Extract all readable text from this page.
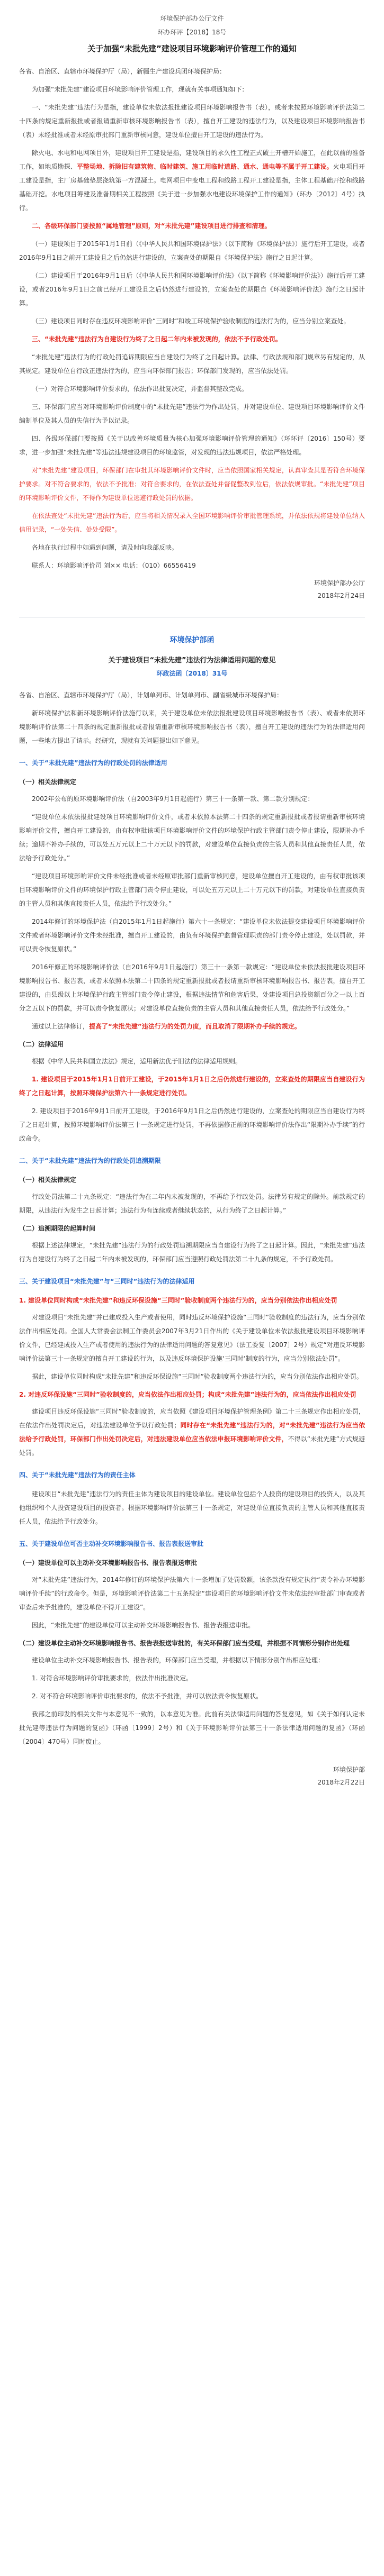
环境保护部办公厅文件

环办环评【2018】18号

关于加强“未批先建”建设项目环境影响评价管理工作的通知

各省、自治区、直辖市环境保护厅（局），新疆生产建设兵团环境保护局：

为加强“未批先建”建设项目环境影响评价管理工作，现就有关事项通知如下：

一、“未批先建”违法行为是指，建设单位未依法报批建设项目环境影响报告书（表），或者未按照环境影响评价法第二十四条的规定重新报批或者报请重新审核环境影响报告书（表），擅自开工建设的违法行为，以及建设项目环境影响报告书（表）未经批准或者未经原审批部门重新审核同意，建设单位擅自开工建设的违法行为。

除火电、水电和电网项目外，建设项目开工建设是指，建设项目的永久性工程正式破土开槽开始施工，在此以前的准备工作，如地质勘探、平整场地、拆除旧有建筑物、临时建筑、施工用临时道路、通水、通电等不属于开工建设。火电项目开工建设是指，主厂房基础垫层浇筑第一方混凝土。电网项目中变电工程和线路工程开工建设是指，主体工程基础开挖和线路基础开挖。水电项目筹建及准备期相关工程按照《关于进一步加强水电建设环境保护工作的通知》（环办〔2012〕4号）执行。

二、各级环保部门要按照“属地管理”原则，对“未批先建”建设项目进行排查和清理。

（一）建设项目于2015年1月1日前（《中华人民共和国环境保护法》（以下简称《环境保护法》）施行后开工建设，或者2016年9月1日之前开工建设且之后仍然进行建设的，立案查处的期限自《环境保护法》施行之日起计算。

（二）建设项目于2016年9月1日后（《中华人民共和国环境影响评价法》（以下简称《环境影响评价法》）施行后开工建设，或者2016年9月1日之前已经开工建设且之后仍然进行建设的，立案查处的期限自《环境影响评价法》施行之日起计算。

（三）建设项目同时存在违反环境影响评价“三同时”和竣工环境保护验收制度的违法行为的，应当分别立案查处。

三、“未批先建”违法行为自建设行为终了之日起二年内未被发现的，依法不予行政处罚。

“未批先建”违法行为的行政处罚追诉期限应当自建设行为终了之日起计算。法律、行政法规和部门规章另有规定的，从其规定。建设单位自行改正违法行为的，应当向环保部门报告；环保部门发现的，应当依法处罚。

（一）对符合环境影响评价要求的，依法作出批复决定，并监督其整改完成。

三、环保部门应当对环境影响评价制度中的“未批先建”违法行为作出处罚，并对建设单位、建设项目环境影响评价文件编制单位及其人员的失信行为予以记录。

四、各级环保部门要按照《关于以改善环境质量为核心加强环境影响评价管理的通知》（环环评〔2016〕150号）要求，进一步加强“未批先建”等违法违规建设项目的环境监管，对发现的违法违规项目，依法严格处理。

对“未批先建”建设项目，环保部门在审批其环境影响评价文件时，应当依照国家相关规定，认真审查其是否符合环境保护要求。对不符合要求的，依法不予批准；对符合要求的，在依法查处并督促整改到位后，依法依规审批。“未批先建”项目的环境影响评价文件，不得作为建设单位逃避行政处罚的依据。

在依法查处“未批先建”违法行为后，应当将相关情况录入全国环境影响评价审批管理系统，并依法依规将建设单位纳入信用记录，“一处失信、处处受限”。

各地在执行过程中如遇到问题，请及时向我部反映。

联系人：环境影响评价司 刘×× 电话：（010）66556419

环境保护部办公厅

2018年2月24日

环境保护部函

关于建设项目“未批先建”违法行为法律适用问题的意见

环政法函〔2018〕31号

各省、自治区、直辖市环境保护厅（局），计划单列市、计划单列市、副省级城市环境保护局：

新环境保护法和新环境影响评价法施行以来，关于建设单位未依法报批建设项目环境影响报告书（表）、或者未依照环境影响评价法第二十四条的规定重新报批或者报请重新审核环境影响报告书（表），擅自开工建设的违法行为的法律适用问题，一些地方提出了请示。经研究，现就有关问题提出如下意见。

一、关于“未批先建”违法行为的行政处罚的法律适用

（一）相关法律规定

2002年公布的原环境影响评价法（自2003年9月1日起施行）第三十一条第一款、第二款分别规定：

“建设单位未依法报批建设项目环境影响评价文件，或者未依照本法第二十四条的规定重新报批或者报请重新审核环境影响评价文件，擅自开工建设的，由有权审批该项目环境影响评价文件的环境保护行政主管部门责令停止建设，限期补办手续；逾期不补办手续的，可以处五万元以上二十万元以下的罚款，对建设单位直接负责的主管人员和其他直接责任人员，依法给予行政处分。”

“建设项目环境影响评价文件未经批准或者未经原审批部门重新审核同意，建设单位擅自开工建设的，由有权审批该项目环境影响评价文件的环境保护行政主管部门责令停止建设，可以处五万元以上二十万元以下的罚款，对建设单位直接负责的主管人员和其他直接责任人员，依法给予行政处分。”

2014年修订的环境保护法（自2015年1月1日起施行）第六十一条规定：“建设单位未依法提交建设项目环境影响评价文件或者环境影响评价文件未经批准，擅自开工建设的，由负有环境保护监督管理职责的部门责令停止建设，处以罚款，并可以责令恢复原状。”

2016年修正的环境影响评价法（自2016年9月1日起施行）第三十一条第一款规定：“建设单位未依法报批建设项目环境影响报告书、报告表，或者未依照本法第二十四条的规定重新报批或者报请重新审核环境影响报告书、报告表，擅自开工建设的，由县级以上环境保护行政主管部门责令停止建设，根据违法情节和危害后果，处建设项目总投资额百分之一以上百分之五以下的罚款，并可以责令恢复原状；对建设单位直接负责的主管人员和其他直接责任人员，依法给予行政处分。”

通过以上法律修订，提高了“未批先建”违法行为的处罚力度，而且取消了限期补办手续的规定。

（二）法律适用

根据《中华人民共和国立法法》规定，适用新法优于旧法的法律适用规则。

1. 建设项目于2015年1月1日前开工建设，于2015年1月1日之后仍然进行建设的，立案查处的期限应当自建设行为终了之日起计算，按照环境保护法第六十一条规定进行处罚。

2. 建设项目于2016年9月1日前开工建设，于2016年9月1日之后仍然进行建设的，立案查处的期限应当自建设行为终了之日起计算，按照环境影响评价法第三十一条规定进行处罚，不再依据修正前的环境影响评价法作出“限期补办手续”的行政命令。

二、关于“未批先建”违法行为的行政处罚追溯期限

（一）相关法律规定

行政处罚法第二十九条规定：“违法行为在二年内未被发现的，不再给予行政处罚。法律另有规定的除外。前款规定的期限，从违法行为发生之日起计算；违法行为有连续或者继续状态的，从行为终了之日起计算。”

（二）追溯期限的起算时间

根据上述法律规定，“未批先建”违法行为的行政处罚追溯期限应当自建设行为终了之日起计算。因此，“未批先建”违法行为自建设行为终了之日起二年内未被发现的，环保部门应当遵照行政处罚法第二十九条的规定，不予行政处罚。

三、关于建设项目“未批先建”与“三同时”违法行为的法律适用

1. 建设单位同时构成“未批先建”和违反环保设施“三同时”验收制度两个违法行为的，应当分别依法作出相应处罚

对建设项目“未批先建”并已建成投入生产或者使用，同时违反环境保护设施“三同时”验收制度的违法行为，应当分别依法作出相应处罚。全国人大常委会法制工作委员会2007年3月21日作出的《关于建设单位未依法报批建设项目环境影响评价文件，已经建成投入生产或者使用的违法行为的法律适用问题的答复意见》（法工委复〔2007〕2号）规定“对违反环境影响评价法第三十一条规定的擅自开工建设的行为，以及违反环境保护设施‘三同时’制度的行为，应当分别依法处罚”。

据此，建设单位同时构成“未批先建”和违反环保设施“三同时”验收制度两个违法行为的，应当分别依法作出相应处罚。

2. 对违反环保设施“三同时”验收制度的，应当依法作出相应处罚；构成“未批先建”违法行为的，应当依法作出相应处罚

建设项目违反环保设施“三同时”验收制度的，应当依照《建设项目环境保护管理条例》第二十三条规定作出相应处罚，在依法作出处罚决定后，对违法建设单位予以行政处罚；同时存在“未批先建”违法行为的，对“未批先建”违法行为应当依法给予行政处罚，环保部门作出处罚决定后，对违法建设单位应当依法申报环境影响评价文件，不得以“未批先建”方式规避处罚。

四、关于“未批先建”违法行为的责任主体

建设项目“未批先建”违法行为的责任主体为建设项目的建设单位。建设单位包括个人投资的建设项目的投资人，以及其他组织和个人投资建设项目的投资者。根据环境影响评价法第三十一条规定，对建设单位直接负责的主管人员和其他直接责任人员，依法给予行政处分。

五、关于建设单位可否主动补交环境影响报告书、报告表报送审批

（一）建设单位可以主动补交环境影响报告书、报告表报送审批

对“未批先建”违法行为，2014年修订的环境保护法第六十一条增加了处罚数额，该条款没有规定执行“责令补办环境影响评价手续”的行政命令。但是，环境影响评价法第二十五条规定“建设项目的环境影响评价文件未依法经审批部门审查或者审查后未予批准的，建设单位不得开工建设”。

因此，“未批先建”的建设单位可以主动补交环境影响报告书、报告表报送审批。

（二）建设单位主动补交环境影响报告书、报告表报送审批的，有关环保部门应当受理，并根据不同情形分别作出处理

建设单位主动补交环境影响报告书、报告表的，环保部门应当受理，并根据以下情形分别作出相应处理：

1. 对符合环境影响评价审批要求的，依法作出批准决定。

2. 对不符合环境影响评价审批要求的，依法不予批准，并可以依法责令恢复原状。

我部之前印发的相关文件与本意见不一致的，以本意见为准。此前有关法律适用问题的答复意见，如《关于如何认定未批先建等违法行为问题的复函》（环函〔1999〕2号）和《关于环境影响评价法第三十一条法律适用问题的复函》（环函〔2004〕470号）同时废止。

环境保护部

2018年2月22日
